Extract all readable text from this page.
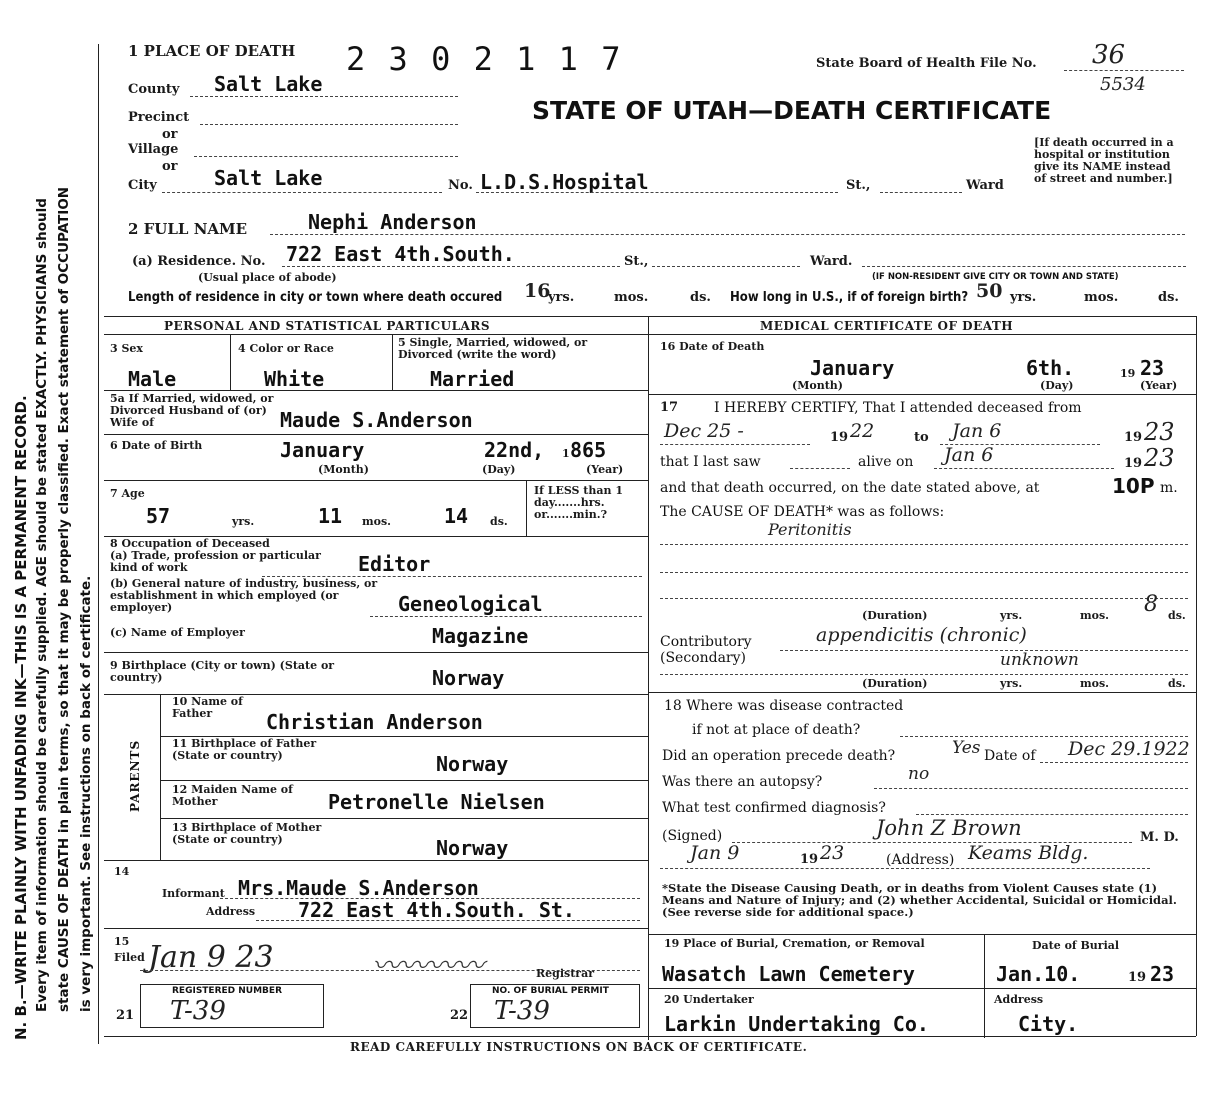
N. B.—WRITE PLAINLY WITH UNFADING INK—THIS IS A PERMANENT RECORD. Every item of information should be carefully supplied. AGE should be stated EXACTLY. PHYSICIANS should state CAUSE OF DEATH in plain terms, so that it may be properly classified. Exact statement of OCCUPATION is very important. See instructions on back of certificate.
1 PLACE OF DEATH 2 3 0 2 1 1 7	State Board of Health File No. 36
5534
STATE OF UTAH—DEATH CERTIFICATE
[If death occurred in a hospital or institution give its NAME instead of street and number.]
County Salt Lake
Precinct
or
Village
or
City	Salt Lake	No. L.D.S.Hospital	St.,	Ward
2 FULL NAME	Nephi Anderson
(a) Residence. No. 722 East 4th.South.	St.,	Ward.
(Usual place of abode)	(IF NON-RESIDENT GIVE CITY OR TOWN AND STATE)
Length of residence in city or town where death occured 16
yrs.	mos.	ds. How long in U.S., if of foreign birth? 50 yrs.	mos.	ds.
PERSONAL AND STATISTICAL PARTICULARS
3 Sex	4 Color or Race	5 Single, Married, widowed, or Divorced (write the word)
Male	White	Married
5a If Married, widowed, or Divorced Husband of (or) Wife of	Maude S.Anderson
6 Date of Birth	January	22nd, 1 865
(Month)	(Day)	(Year)
7 Age
57	yrs.	11 mos.	14 ds.
If LESS than 1 day.......hrs. or.......min.?
8 Occupation of Deceased
(a) Trade, profession or particular kind of work	Editor
(b) General nature of industry, business, or establishment in which employed (or employer)	Geneological
(c) Name of Employer	Magazine
9 Birthplace (City or town) (State or country)	Norway
PARENTS
10 Name of Father	Christian Anderson
11 Birthplace of Father (State or country)	Norway
12 Maiden Name of Mother	Petronelle Nielsen
13 Birthplace of Mother (State or country)	Norway
14
Informant Mrs.Maude S.Anderson
Address 722 East 4th.South. St.
15
Filed Jan 9 23	〰〰〰〰	Registrar
REGISTERED NUMBER
21 T-39
NO. OF BURIAL PERMIT
22 T-39
MEDICAL CERTIFICATE OF DEATH
16 Date of Death
January	6th.	19 23
(Month)	(Day)	(Year)
17	I HEREBY CERTIFY, That I attended deceased from
Dec 25 -	19 22	to Jan 6	19 23
that I last saw	alive on Jan 6	19 23
and that death occurred, on the date stated above, at	10P m.
The CAUSE OF DEATH* was as follows:
Peritonitis
(Duration)	yrs.	mos. 8 ds.
Contributory (Secondary)
appendicitis (chronic)
unknown
(Duration)	yrs.	mos.	ds.
18 Where was disease contracted
if not at place of death?
Did an operation precede death?	Yes Date of Dec 29.1922
Was there an autopsy?	no
What test confirmed diagnosis?
(Signed)	John Z Brown	M. D.
Jan 9	19 23	(Address) Keams Bldg.
*State the Disease Causing Death, or in deaths from Violent Causes state (1) Means and Nature of Injury; and (2) whether Accidental, Suicidal or Homicidal. (See reverse side for additional space.)
19 Place of Burial, Cremation, or Removal
Wasatch Lawn Cemetery
Date of Burial
Jan.10.	19 23
20 Undertaker
Larkin Undertaking Co.
Address
City.
READ CAREFULLY INSTRUCTIONS ON BACK OF CERTIFICATE.
